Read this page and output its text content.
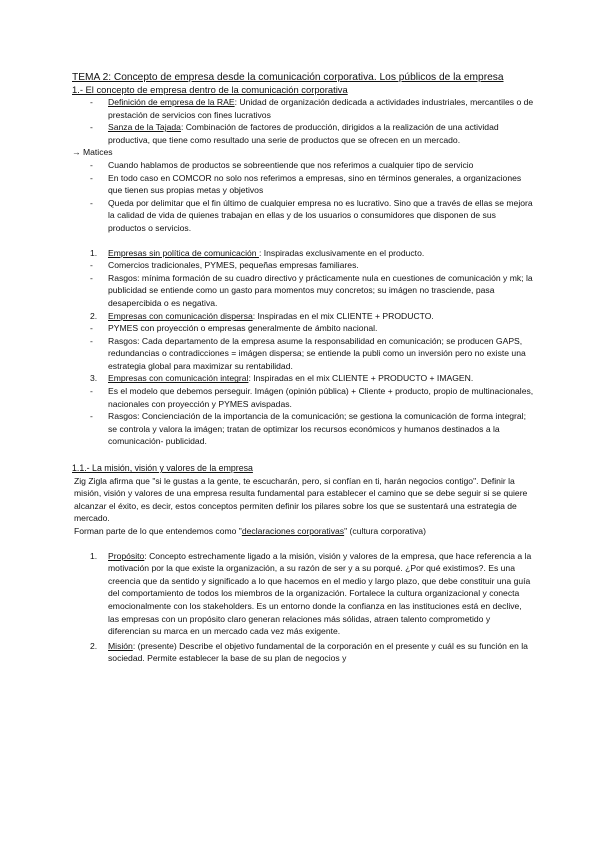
TEMA 2: Concepto de empresa desde la comunicación corporativa. Los públicos de la empresa
1.- El concepto de empresa dentro de la comunicación corporativa
- Definición de empresa de la RAE: Unidad de organización dedicada a actividades industriales, mercantiles o de prestación de servicios con fines lucrativos
- Sanza de la Tajada: Combinación de factores de producción, dirigidos a la realización de una actividad productiva, que tiene como resultado una serie de productos que se ofrecen en un mercado.

→ Matices

- Cuando hablamos de productos se sobreentiende que nos referimos a cualquier tipo de servicio
- En todo caso en COMCOR no solo nos referimos a empresas, sino en términos generales, a organizaciones que tienen sus propias metas y objetivos
- Queda por delimitar que el fin último de cualquier empresa no es lucrativo. Sino que a través de ellas se mejora la calidad de vida de quienes trabajan en ellas y de los usuarios o consumidores que disponen de sus productos o servicios.
1. Empresas sin política de comunicación : Inspiradas exclusivamente en el producto.
- Comercios tradicionales, PYMES, pequeñas empresas familiares.
- Rasgos: mínima formación de su cuadro directivo y prácticamente nula en cuestiones de comunicación y mk; la publicidad se entiende como un gasto para momentos muy concretos; su imágen no trasciende, pasa desapercibida o es negativa.
2. Empresas con comunicación dispersa: Inspiradas en el mix CLIENTE + PRODUCTO.
- PYMES con proyección o empresas generalmente de ámbito nacional.
- Rasgos: Cada departamento de la empresa asume la responsabilidad en comunicación; se producen GAPS, redundancias o contradicciones = imágen dispersa; se entiende la publi como un inversión pero no existe una estrategia global para maximizar su rentabilidad.
3. Empresas con comunicación integral: Inspiradas en el mix CLIENTE + PRODUCTO + IMAGEN.
- Es el modelo que debemos perseguir. Imágen (opinión pública) + Cliente + producto, propio de multinacionales, nacionales con proyección y PYMES avispadas.
- Rasgos: Concienciación de la importancia de la comunicación; se gestiona la comunicación de forma integral; se controla y valora la imágen; tratan de optimizar los recursos económicos y humanos destinados a la comunicación- publicidad.

1.1.- La misión, visión y valores de la empresa

Zig Zigla afirma que "si le gustas a la gente, te escucharán, pero, si confían en ti, harán negocios contigo". Definir la misión, visión y valores de una empresa resulta fundamental para establecer el camino que se debe seguir si se quiere alcanzar el éxito, es decir, estos conceptos permiten definir los pilares sobre los que se sustentará una estrategia de mercado.

Forman parte de lo que entendemos como "declaraciones corporativas" (cultura corporativa)

1. Propósito: Concepto estrechamente ligado a la misión, visión y valores de la empresa, que hace referencia a la motivación por la que existe la organización, a su razón de ser y a su porqué. ¿Por qué existimos?. Es una creencia que da sentido y significado a lo que hacemos en el medio y largo plazo, que debe constituir una guía del comportamiento de todos los miembros de la organización. Fortalece la cultura organizacional y conecta emocionalmente con los stakeholders. Es un entorno donde la confianza en las instituciones está en declive, las empresas con un propósito claro generan relaciones más sólidas, atraen talento comprometido y diferencian su marca en un mercado cada vez más exigente.
2. Misión: (presente) Describe el objetivo fundamental de la corporación en el presente y cuál es su función en la sociedad. Permite establecer la base de su plan de negocios y
